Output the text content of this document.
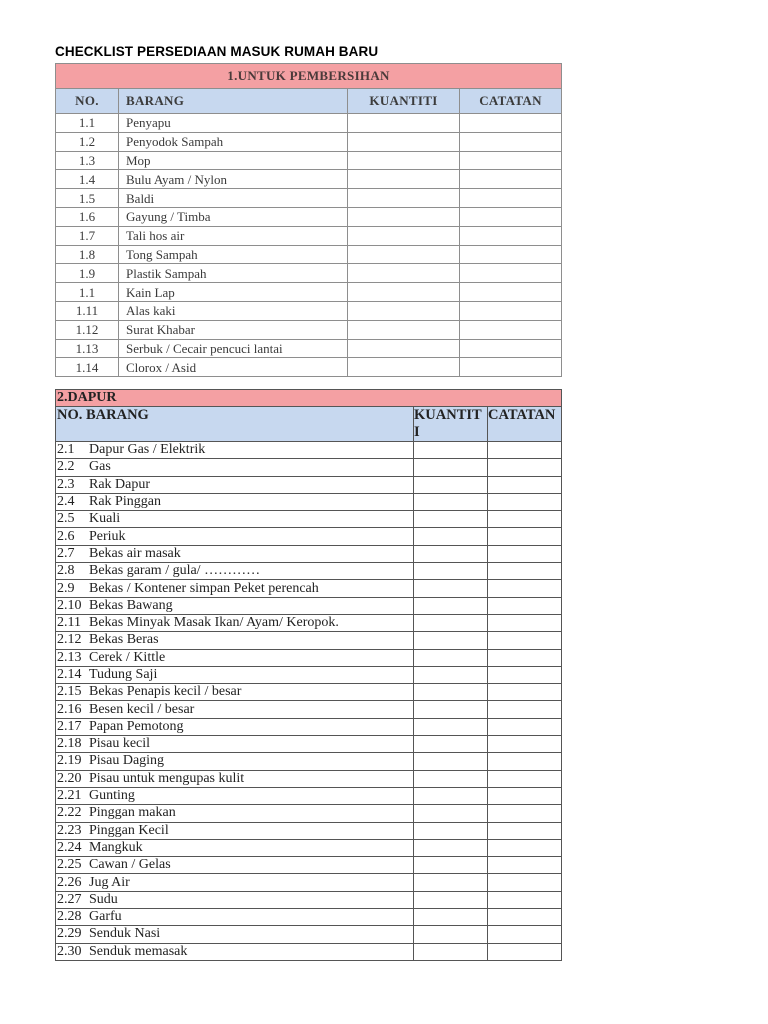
CHECKLIST PERSEDIAAN MASUK RUMAH BARU
1.UNTUK PEMBERSIHAN			
NO.	BARANG	KUANTITI	CATATAN
1.1	Penyapu		
1.2	Penyodok Sampah		
1.3	Mop		
1.4	Bulu Ayam / Nylon		
1.5	Baldi		
1.6	Gayung / Timba		
1.7	Tali hos air		
1.8	Tong Sampah		
1.9	Plastik Sampah		
1.1	Kain Lap		
1.11	Alas kaki		
1.12	Surat Khabar		
1.13	Serbuk / Cecair pencuci lantai		
1.14	Clorox / Asid		
2.DAPUR		
NO. BARANG	KUANTITI	CATATAN
2.1 Dapur Gas / Elektrik		
2.2 Gas		
2.3 Rak Dapur		
2.4 Rak Pinggan		
2.5 Kuali		
2.6 Periuk		
2.7 Bekas air masak		
2.8 Bekas garam / gula/ …………		
2.9 Bekas / Kontener simpan Peket perencah		
2.10 Bekas Bawang		
2.11 Bekas Minyak Masak Ikan/ Ayam/ Keropok.		
2.12 Bekas Beras		
2.13 Cerek / Kittle		
2.14 Tudung Saji		
2.15 Bekas Penapis kecil / besar		
2.16 Besen kecil / besar		
2.17 Papan Pemotong		
2.18 Pisau kecil		
2.19 Pisau Daging		
2.20 Pisau untuk mengupas kulit		
2.21 Gunting		
2.22 Pinggan makan		
2.23 Pinggan Kecil		
2.24 Mangkuk		
2.25 Cawan / Gelas		
2.26 Jug Air		
2.27 Sudu		
2.28 Garfu		
2.29 Senduk Nasi		
2.30 Senduk memasak		
